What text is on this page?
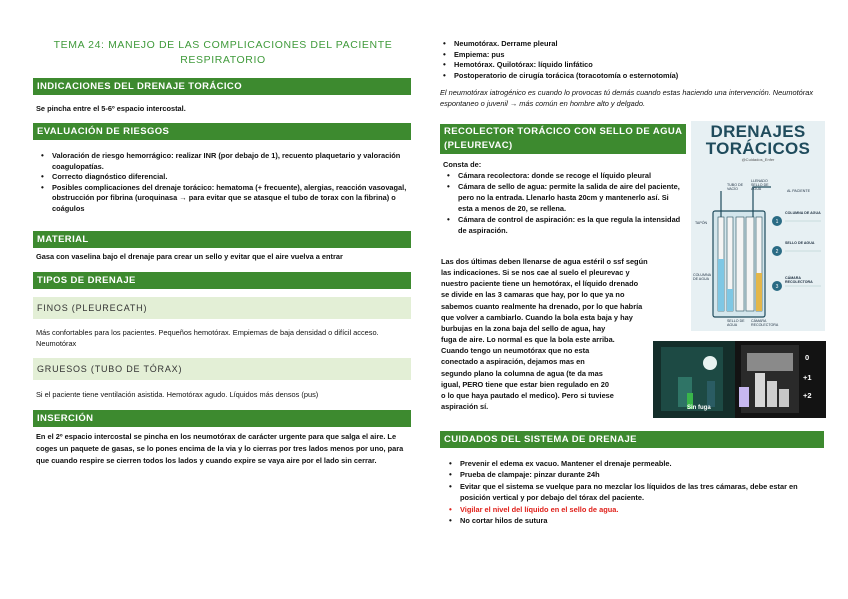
TEMA 24: MANEJO DE LAS COMPLICACIONES DEL PACIENTE RESPIRATORIO
INDICACIONES DEL DRENAJE TORÁCICO
Se pincha entre el 5-6º espacio intercostal.
EVALUACIÓN DE RIESGOS
• Valoración de riesgo hemorrágico: realizar INR (por debajo de 1), recuento plaquetario y valoración coagulopatías.
• Correcto diagnóstico diferencial.
• Posibles complicaciones del drenaje torácico: hematoma (+ frecuente), alergias, reacción vasovagal, obstrucción por fibrina (uroquinasa → para evitar que se atasque el tubo de torax con la fibrina) o coágulos
MATERIAL
Gasa con vaselina bajo el drenaje para crear un sello y evitar que el aire vuelva a entrar
TIPOS DE DRENAJE
FINOS (PLEURECATH)
Más confortables para los pacientes. Pequeños hemotórax. Empiemas de baja densidad o difícil acceso. Neumotórax
GRUESOS (TUBO DE TÓRAX)
Si el paciente tiene ventilación asistida. Hemotórax agudo. Líquidos más densos (pus)
INSERCIÓN
En el 2º espacio intercostal se pincha en los neumotórax de carácter urgente para que salga el aire. Le coges un paquete de gasas, se lo pones encima de la via y lo cierras por tres lados menos por uno, para que cuando respire se cierren todos los lados y cuando expire se vaya aire por el lado sin cerrar.
• Neumotórax. Derrame pleural
• Empiema: pus
• Hemotórax. Quilotórax: líquido linfático
• Postoperatorio de cirugía torácica (toracotomía o esternotomía)
El neumotórax iatrogénico es cuando lo provocas tú demás cuando estas haciendo una intervención. Neumotórax espontaneo o juvenil → más común en hombre alto y delgado.
RECOLECTOR TORÁCICO CON SELLO DE AGUA (PLEUREVAC)
Consta de:
• Cámara recolectora: donde se recoge el líquido pleural
• Cámara de sello de agua: permite la salida de aire del paciente, pero no la entrada. Llenarlo hasta 20cm y mantenerlo así. Si esta a menos de 20, se rellena.
• Cámara de control de aspiración: es la que regula la intensidad de aspiración.
Las dos últimas deben llenarse de agua estéril o ssf según
las indicaciones. Si se nos cae al suelo el pleurevac y
nuestro paciente tiene un hemotórax, el líquido drenado
se divide en las 3 camaras que hay, por lo que ya no
sabemos cuanto realmente ha drenado, por lo que habría
que volver a cambiarlo. Cuando la bola esta baja y hay
burbujas en la zona baja del sello de agua, hay
fuga de aire. Lo normal es que la bola este arriba.
Cuando tengo un neumotórax que no esta
conectado a aspiración, dejamos mas en
segundo plano la columna de agua (te da mas
igual, PERO tiene que estar bien regulado en 20
o lo que haya pautado el medico). Pero si tuviese
aspiración sí.
DRENAJES
TORÁCICOS
@Cuidados_Enfer
1
2
3
TUBO DE VACÍO
LLENADO SELLO DE AGUA	AL PACIENTE
TAPÓN
COLUMNA DE AGUA
SELLO DE AGUA
CÁMARA RECOLECTORA
COLUMNA DE AGUA
SELLO DE AGUA
CÁMARA RECOLECTORA
Sin fuga
0
+1
+2
CUIDADOS DEL SISTEMA DE DRENAJE
• Prevenir el edema ex vacuo. Mantener el drenaje permeable.
• Prueba de clampaje: pinzar durante 24h
• Evitar que el sistema se vuelque para no mezclar los líquidos de las tres cámaras, debe estar en posición vertical y por debajo del tórax del paciente.
• Vigilar el nivel del líquido en el sello de agua.
• No cortar hilos de sutura
